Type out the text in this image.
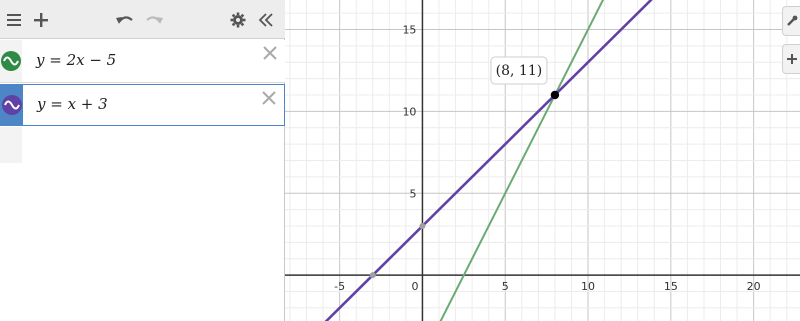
y = 2x − 5
y = x + 3
-5	0	5	10	15	20
5
10
15
(8, 11)
